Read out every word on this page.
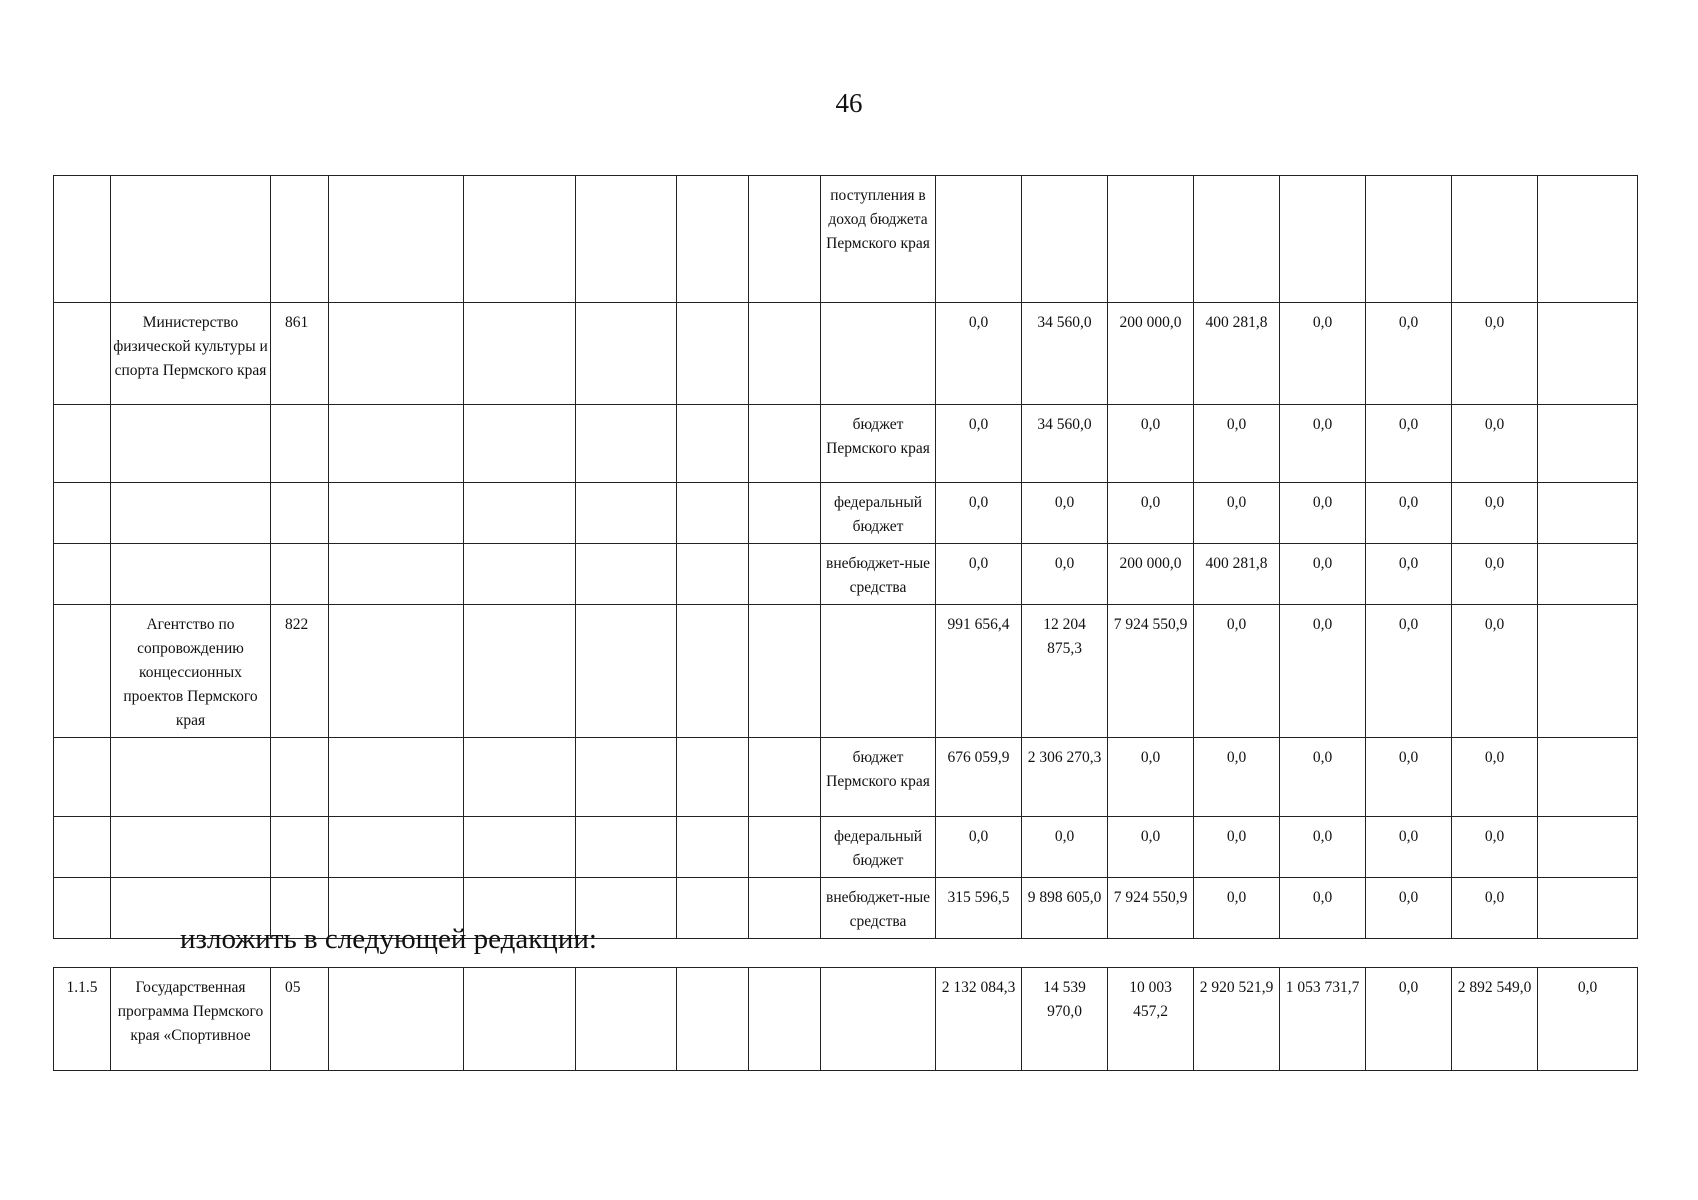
46
								поступления в доход бюджета Пермского края								
	Министерство физической культуры и спорта Пермского края	861							0,0	34 560,0	200 000,0	400 281,8	0,0	0,0	0,0	
								бюджет Пермского края	0,0	34 560,0	0,0	0,0	0,0	0,0	0,0	
								федеральный бюджет	0,0	0,0	0,0	0,0	0,0	0,0	0,0	
								внебюджет-ные средства	0,0	0,0	200 000,0	400 281,8	0,0	0,0	0,0	
	Агентство по сопровождению концессионных проектов Пермского края	822							991 656,4	12 204 875,3	7 924 550,9	0,0	0,0	0,0	0,0	
								бюджет Пермского края	676 059,9	2 306 270,3	0,0	0,0	0,0	0,0	0,0	
								федеральный бюджет	0,0	0,0	0,0	0,0	0,0	0,0	0,0	
								внебюджет-ные средства	315 596,5	9 898 605,0	7 924 550,9	0,0	0,0	0,0	0,0	
изложить в следующей редакции:
1.1.5	Государственная программа Пермского края «Спортивное	05							2 132 084,3	14 539 970,0	10 003 457,2	2 920 521,9	1 053 731,7	0,0	2 892 549,0	0,0
